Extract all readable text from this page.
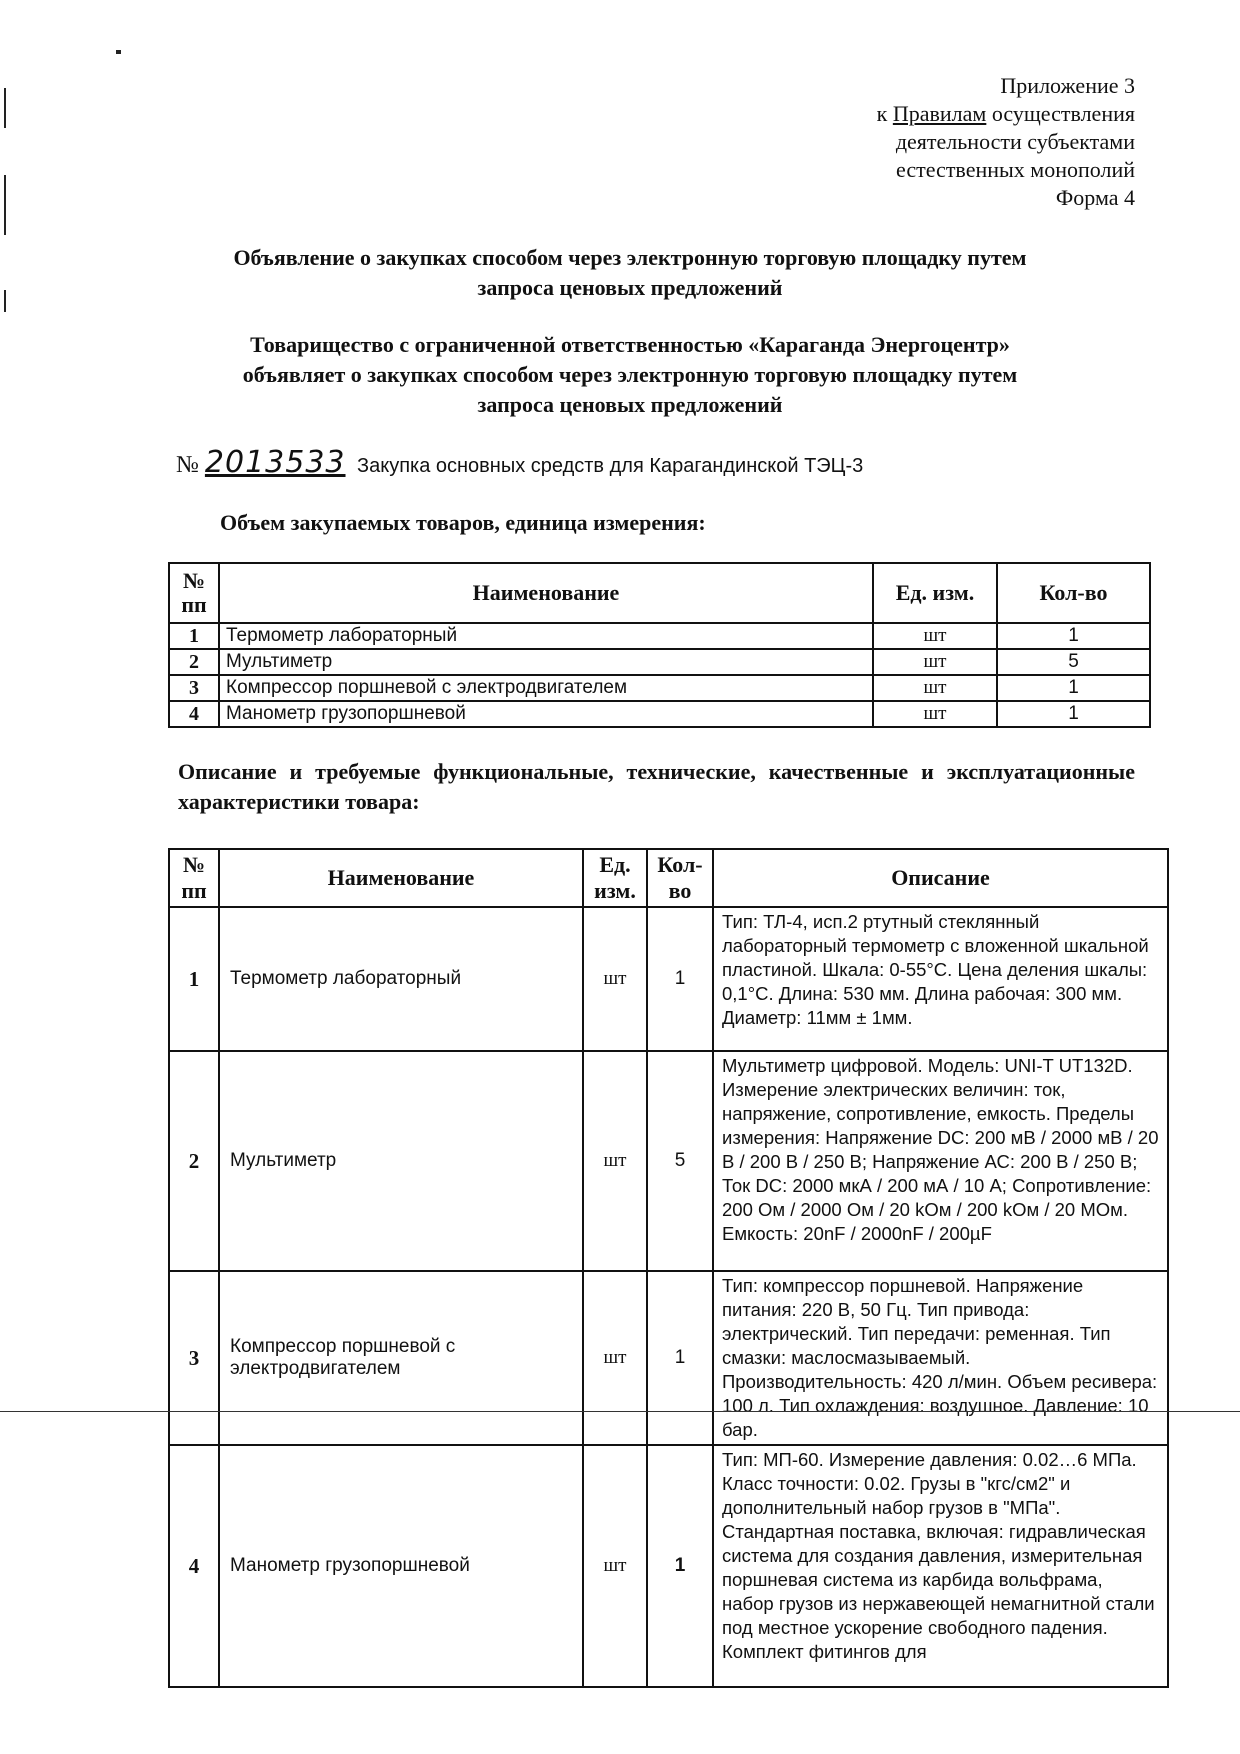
Приложение 3
к Правилам осуществления
деятельности субъектами
естественных монополий
Форма 4
Объявление о закупках способом через электронную торговую площадку путем
запроса ценовых предложений
Товарищество с ограниченной ответственностью «Караганда Энергоцентр»
объявляет о закупках способом через электронную торговую площадку путем
запроса ценовых предложений
№ 2013533 Закупка основных средств для Карагандинской ТЭЦ-3
Объем закупаемых товаров, единица измерения:
№ пп	Наименование	Ед. изм.	Кол-во
1	Термометр лабораторный	шт	1
2	Мультиметр	шт	5
3	Компрессор поршневой с электродвигателем	шт	1
4	Манометр грузопоршневой	шт	1
Описание и требуемые функциональные, технические, качественные и эксплуатационные характеристики товара:
№ пп	Наименование	Ед. изм.	Кол-во	Описание
1	Термометр лабораторный	шт	1	Тип: ТЛ-4, исп.2 ртутный стеклянный лабораторный термометр с вложенной шкальной пластиной. Шкала: 0-55°С. Цена деления шкалы: 0,1°С. Длина: 530 мм. Длина рабочая: 300 мм. Диаметр: 11мм ± 1мм.
2	Мультиметр	шт	5	Мультиметр цифровой. Модель: UNI-T UT132D. Измерение электрических величин: ток, напряжение, сопротивление, емкость. Пределы измерения: Напряжение DC: 200 мВ / 2000 мВ / 20 В / 200 В / 250 В; Напряжение АС: 200 В / 250 В; Ток DC: 2000 мкА / 200 мА / 10 А; Сопротивление: 200 Ом / 2000 Ом / 20 kОм / 200 kОм / 20 MОм. Емкость: 20nF / 2000nF / 200µF
3	Компрессор поршневой с электродвигателем	шт	1	Тип: компрессор поршневой. Напряжение питания: 220 В, 50 Гц. Тип привода: электрический. Тип передачи: ременная. Тип смазки: маслосмазываемый. Производительность: 420 л/мин. Объем ресивера: 100 л. Тип охлаждения: воздушное. Давление: 10 бар.
4	Манометр грузопоршневой	шт	1	Тип: МП-60. Измерение давления: 0.02…6 МПа. Класс точности: 0.02. Грузы в "кгс/см2" и дополнительный набор грузов в "МПа". Стандартная поставка, включая: гидравлическая система для создания давления, измерительная поршневая система из карбида вольфрама, набор грузов из нержавеющей немагнитной стали под местное ускорение свободного падения. Комплект фитингов для
